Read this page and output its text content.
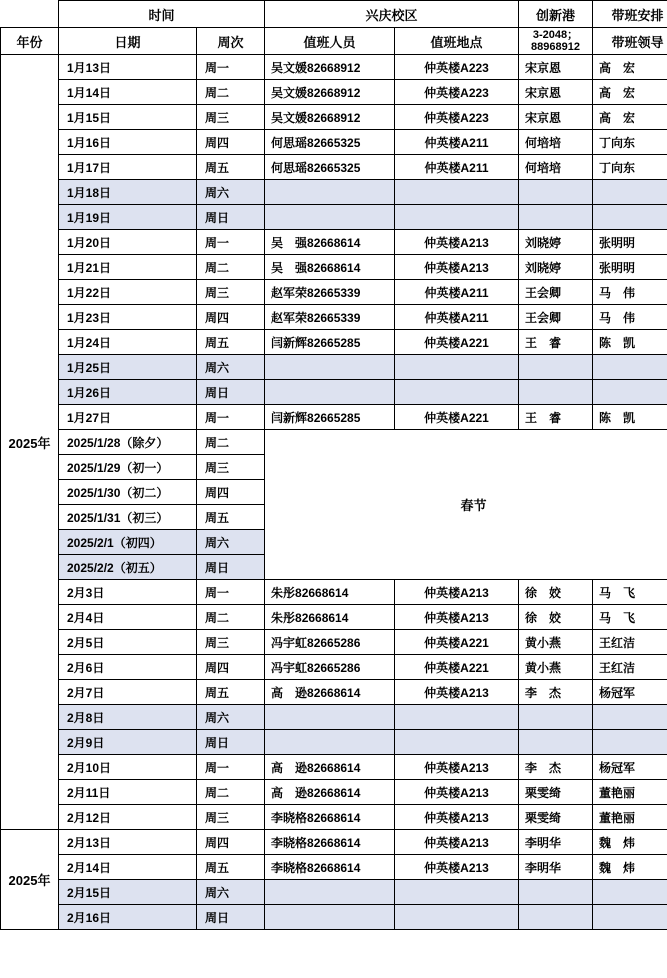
	时间		兴庆校区		创新港	带班安排
年份	日期	周次	值班人员	值班地点	3-2048；88968912	带班领导
2025年	1月13日	周一	吴文媛82668912	仲英楼A223	宋京恩	高　宏
	1月14日	周二	吴文媛82668912	仲英楼A223	宋京恩	高　宏
	1月15日	周三	吴文媛82668912	仲英楼A223	宋京恩	高　宏
	1月16日	周四	何思瑶82665325	仲英楼A211	何培培	丁向东
	1月17日	周五	何思瑶82665325	仲英楼A211	何培培	丁向东
	1月18日	周六				
	1月19日	周日				
	1月20日	周一	吴　强82668614	仲英楼A213	刘晓婷	张明明
	1月21日	周二	吴　强82668614	仲英楼A213	刘晓婷	张明明
	1月22日	周三	赵军荣82665339	仲英楼A211	王会卿	马　伟
	1月23日	周四	赵军荣82665339	仲英楼A211	王会卿	马　伟
	1月24日	周五	闫新辉82665285	仲英楼A221	王　睿	陈　凯
	1月25日	周六				
	1月26日	周日				
	1月27日	周一	闫新辉82665285	仲英楼A221	王　睿	陈　凯
	2025/1/28（除夕）	周二	春节			
	2025/1/29（初一）	周三				
	2025/1/30（初二）	周四				
	2025/1/31（初三）	周五				
	2025/2/1（初四）	周六				
	2025/2/2（初五）	周日				
	2月3日	周一	朱彤82668614	仲英楼A213	徐　姣	马　飞
	2月4日	周二	朱彤82668614	仲英楼A213	徐　姣	马　飞
	2月5日	周三	冯宇虹82665286	仲英楼A221	黄小燕	王红洁
	2月6日	周四	冯宇虹82665286	仲英楼A221	黄小燕	王红洁
	2月7日	周五	高　逊82668614	仲英楼A213	李　杰	杨冠军
	2月8日	周六				
	2月9日	周日				
	2月10日	周一	高　逊82668614	仲英楼A213	李　杰	杨冠军
	2月11日	周二	高　逊82668614	仲英楼A213	栗雯绮	董艳丽
	2月12日	周三	李晓格82668614	仲英楼A213	栗雯绮	董艳丽
2025年	2月13日	周四	李晓格82668614	仲英楼A213	李明华	魏　炜
	2月14日	周五	李晓格82668614	仲英楼A213	李明华	魏　炜
	2月15日	周六				
	2月16日	周日				
